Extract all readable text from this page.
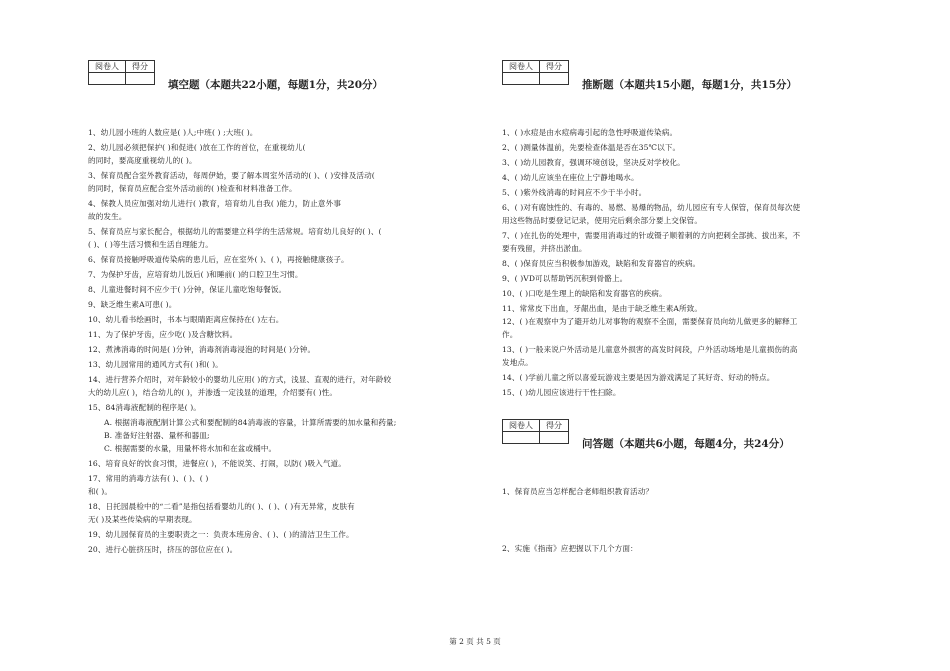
阅卷人	得分

填空题（本题共22小题，每题1分，共20分）
1、幼儿园小班的人数应是( )人;中班( ) ;大班( )。
2、幼儿园必须把保护( )和促进( )放在工作的首位，在重视幼儿(
的同时，要高度重视幼儿的( )。
3、保育员配合室外教育活动，每周伊始，要了解本周室外活动的( )、( )安排及活动(
的同时，保育员应配合室外活动前的( )检查和材料准备工作。
4、保教人员应加强对幼儿进行( )教育，培育幼儿自我( )能力，防止意外事
故的发生。
5、保育员应与家长配合，根据幼儿的需要建立科学的生活常规。培育幼儿良好的( )、(
( )、( )等生活习惯和生活自理能力。
6、保育员接触呼吸道传染病的患儿后，应在室外( )、( )，再接触健康孩子。
7、为保护牙齿，应培育幼儿饭后( )和睡前( )的口腔卫生习惯。
8、儿童进餐时间不应少于( )分钟，保证儿童吃饱每餐饭。
9、缺乏维生素A可患( )。
10、幼儿看书绘画时，书本与眼睛距离应保持在( )左右。
11、为了保护牙齿，应少吃( )及含糖饮料。
12、煮沸消毒的时间是( )分钟，消毒剂消毒浸泡的时间是( )分钟。
13、幼儿园常用的通风方式有( )和( )。
14、进行营养介绍时，对年龄较小的婴幼儿应用( )的方式，浅显、直观的进行，对年龄较
大的幼儿应( )，结合幼儿的( )，并渗透一定浅显的道理，介绍要有( )性。
15、84消毒液配制的程序是( )。
A. 根据消毒液配制计算公式和要配制的84消毒液的容量，计算所需要的加水量和药量;
B. 准备好注射器、量杯和器皿;
C. 根据需要的水量，用量杯将水加和在盆或桶中。
16、培育良好的饮食习惯，进餐应( )，不能说笑、打闹，以防( )吸入气道。
17、常用的消毒方法有( )、( )、( )
和( )。
18、日托园晨检中的“二看”是指包括看婴幼儿的( )、( )、( )有无异常，皮肤有
无( )及某些传染病的早期表现。
19、幼儿园保育员的主要职责之一：负责本班房舍、( )、( )的清洁卫生工作。
20、进行心脏挤压时，挤压的部位应在( )。
阅卷人	得分

推断题（本题共15小题，每题1分，共15分）
1、( )水痘是由水痘病毒引起的急性呼吸道传染病。
2、( )测量体温前，先要检查体温是否在35℃以下。
3、( )幼儿园教育，强调环境创设，坚决反对学校化。
4、( )幼儿应该坐在座位上宁静地喝水。
5、( )紫外线消毒的时间应不少于半小时。
6、( )对有腐蚀性的、有毒的、易燃、易爆的物品，幼儿园应有专人保管，保育员每次使
用这些物品时要登记记录，使用完后剩余部分要上交保管。
7、( )在扎伤的处理中，需要用消毒过的针或镊子顺着刺的方向把刺全部挑、拔出来，不
要有残留，并挤出淤血。
8、( )保育员应当积极参加游戏，缺陷和发育器官的疾病。
9、( )VD可以帮助钙沉积到骨骼上。
10、( )口吃是生理上的缺陷和发育器官的疾病。
11、常常皮下出血，牙龈出血，是由于缺乏维生素A所致。
12、( )在观察中为了避开幼儿对事物的观察不全面，需要保育员向幼儿做更多的解释工
作。
13、( )一般来说户外活动是儿童意外损害的高发时间段，户外活动场地是儿童损伤的高
发地点。
14、( )学前儿童之所以喜爱玩游戏主要是因为游戏满足了其好奇、好动的特点。
15、( )幼儿园应该进行干性扫除。
阅卷人	得分

问答题（本题共6小题，每题4分，共24分）
1、保育员应当怎样配合老师组织教育活动？
2、实施《指南》应把握以下几个方面：
第 2 页 共 5 页
